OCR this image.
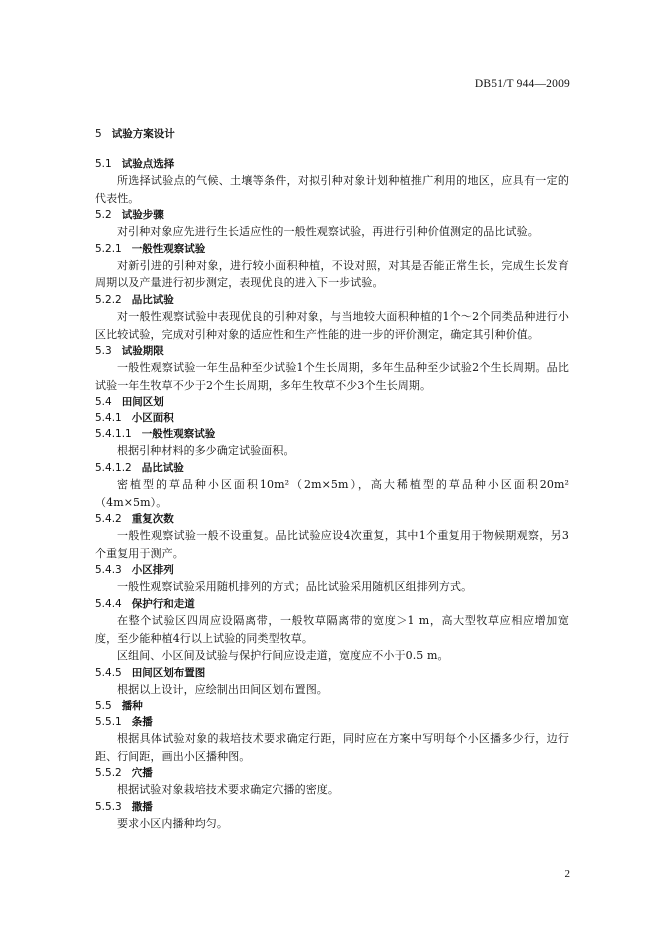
DB51/T 944—2009
5 试验方案设计
5.1 试验点选择
所选择试验点的气候、土壤等条件，对拟引种对象计划种植推广利用的地区，应具有一定的代表性。
5.2 试验步骤
对引种对象应先进行生长适应性的一般性观察试验，再进行引种价值测定的品比试验。
5.2.1 一般性观察试验
对新引进的引种对象，进行较小面积种植，不设对照，对其是否能正常生长，完成生长发育周期以及产量进行初步测定，表现优良的进入下一步试验。
5.2.2 品比试验
对一般性观察试验中表现优良的引种对象，与当地较大面积种植的1个～2个同类品种进行小区比较试验，完成对引种对象的适应性和生产性能的进一步的评价测定，确定其引种价值。
5.3 试验期限
一般性观察试验一年生品种至少试验1个生长周期，多年生品种至少试验2个生长周期。品比试验一年生牧草不少于2个生长周期，多年生牧草不少3个生长周期。
5.4 田间区划
5.4.1 小区面积
5.4.1.1 一般性观察试验
根据引种材料的多少确定试验面积。
5.4.1.2 品比试验
密植型的草品种小区面积10m²（2m×5m），高大稀植型的草品种小区面积20m²（4m×5m）。
5.4.2 重复次数
一般性观察试验一般不设重复。品比试验应设4次重复，其中1个重复用于物候期观察，另3个重复用于测产。
5.4.3 小区排列
一般性观察试验采用随机排列的方式；品比试验采用随机区组排列方式。
5.4.4 保护行和走道
在整个试验区四周应设隔离带，一般牧草隔离带的宽度＞1 m，高大型牧草应相应增加宽度，至少能种植4行以上试验的同类型牧草。
区组间、小区间及试验与保护行间应设走道，宽度应不小于0.5 m。
5.4.5 田间区划布置图
根据以上设计，应绘制出田间区划布置图。
5.5 播种
5.5.1 条播
根据具体试验对象的栽培技术要求确定行距，同时应在方案中写明每个小区播多少行，边行距、行间距，画出小区播种图。
5.5.2 穴播
根据试验对象栽培技术要求确定穴播的密度。
5.5.3 撒播
要求小区内播种均匀。
2
